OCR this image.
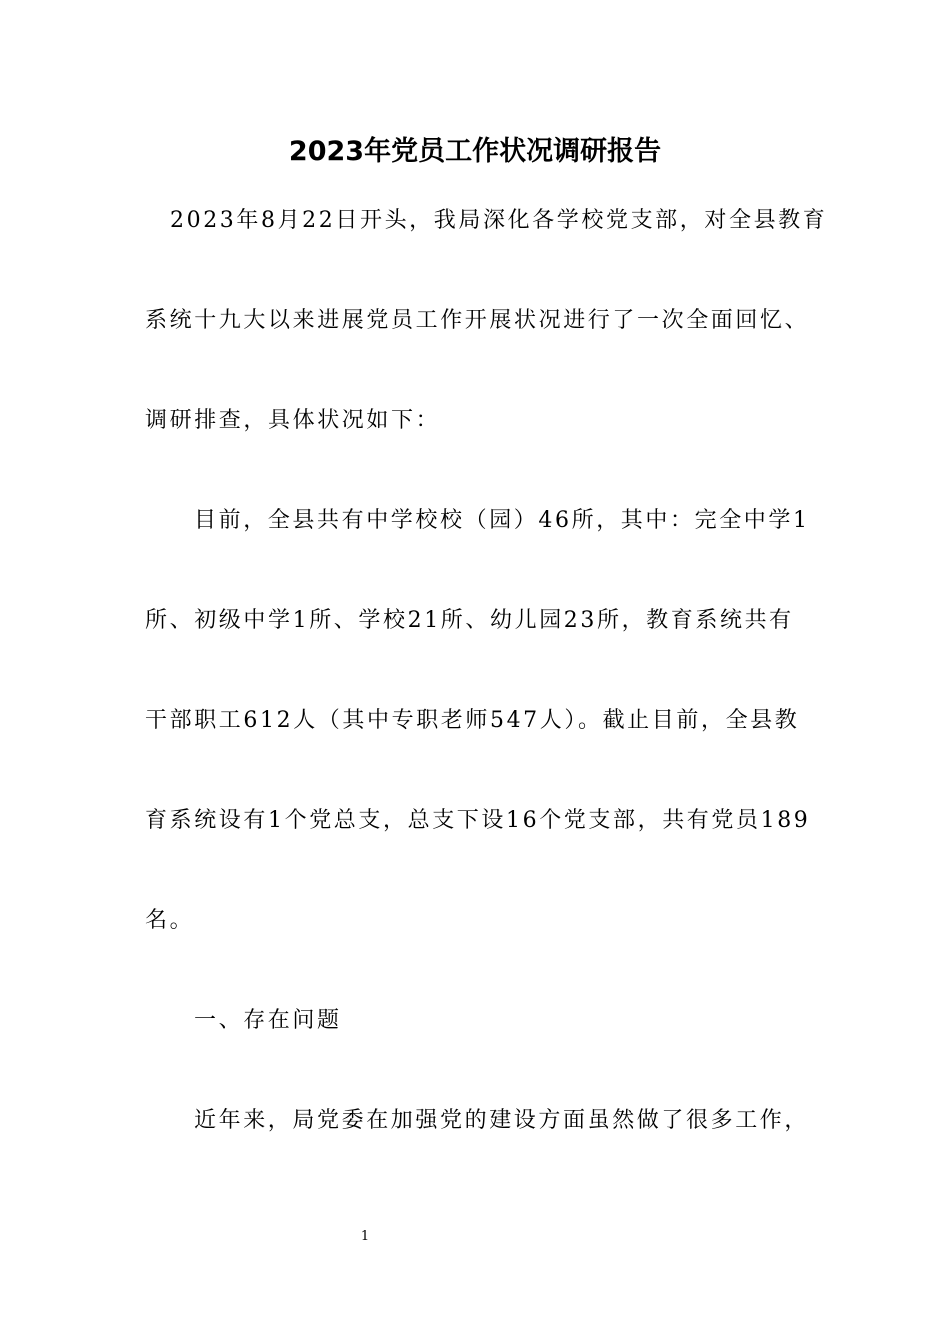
2023年党员工作状况调研报告
2023年8月22日开头，我局深化各学校党支部，对全县教育
系统十九大以来进展党员工作开展状况进行了一次全面回忆、
调研排查，具体状况如下：
目前，全县共有中学校校（园）46所，其中：完全中学1
所、初级中学1所、学校21所、幼儿园23所，教育系统共有
干部职工612人（其中专职老师547人）。截止目前，全县教
育系统设有1个党总支，总支下设16个党支部，共有党员189
名。
一、存在问题
近年来，局党委在加强党的建设方面虽然做了很多工作，
1
